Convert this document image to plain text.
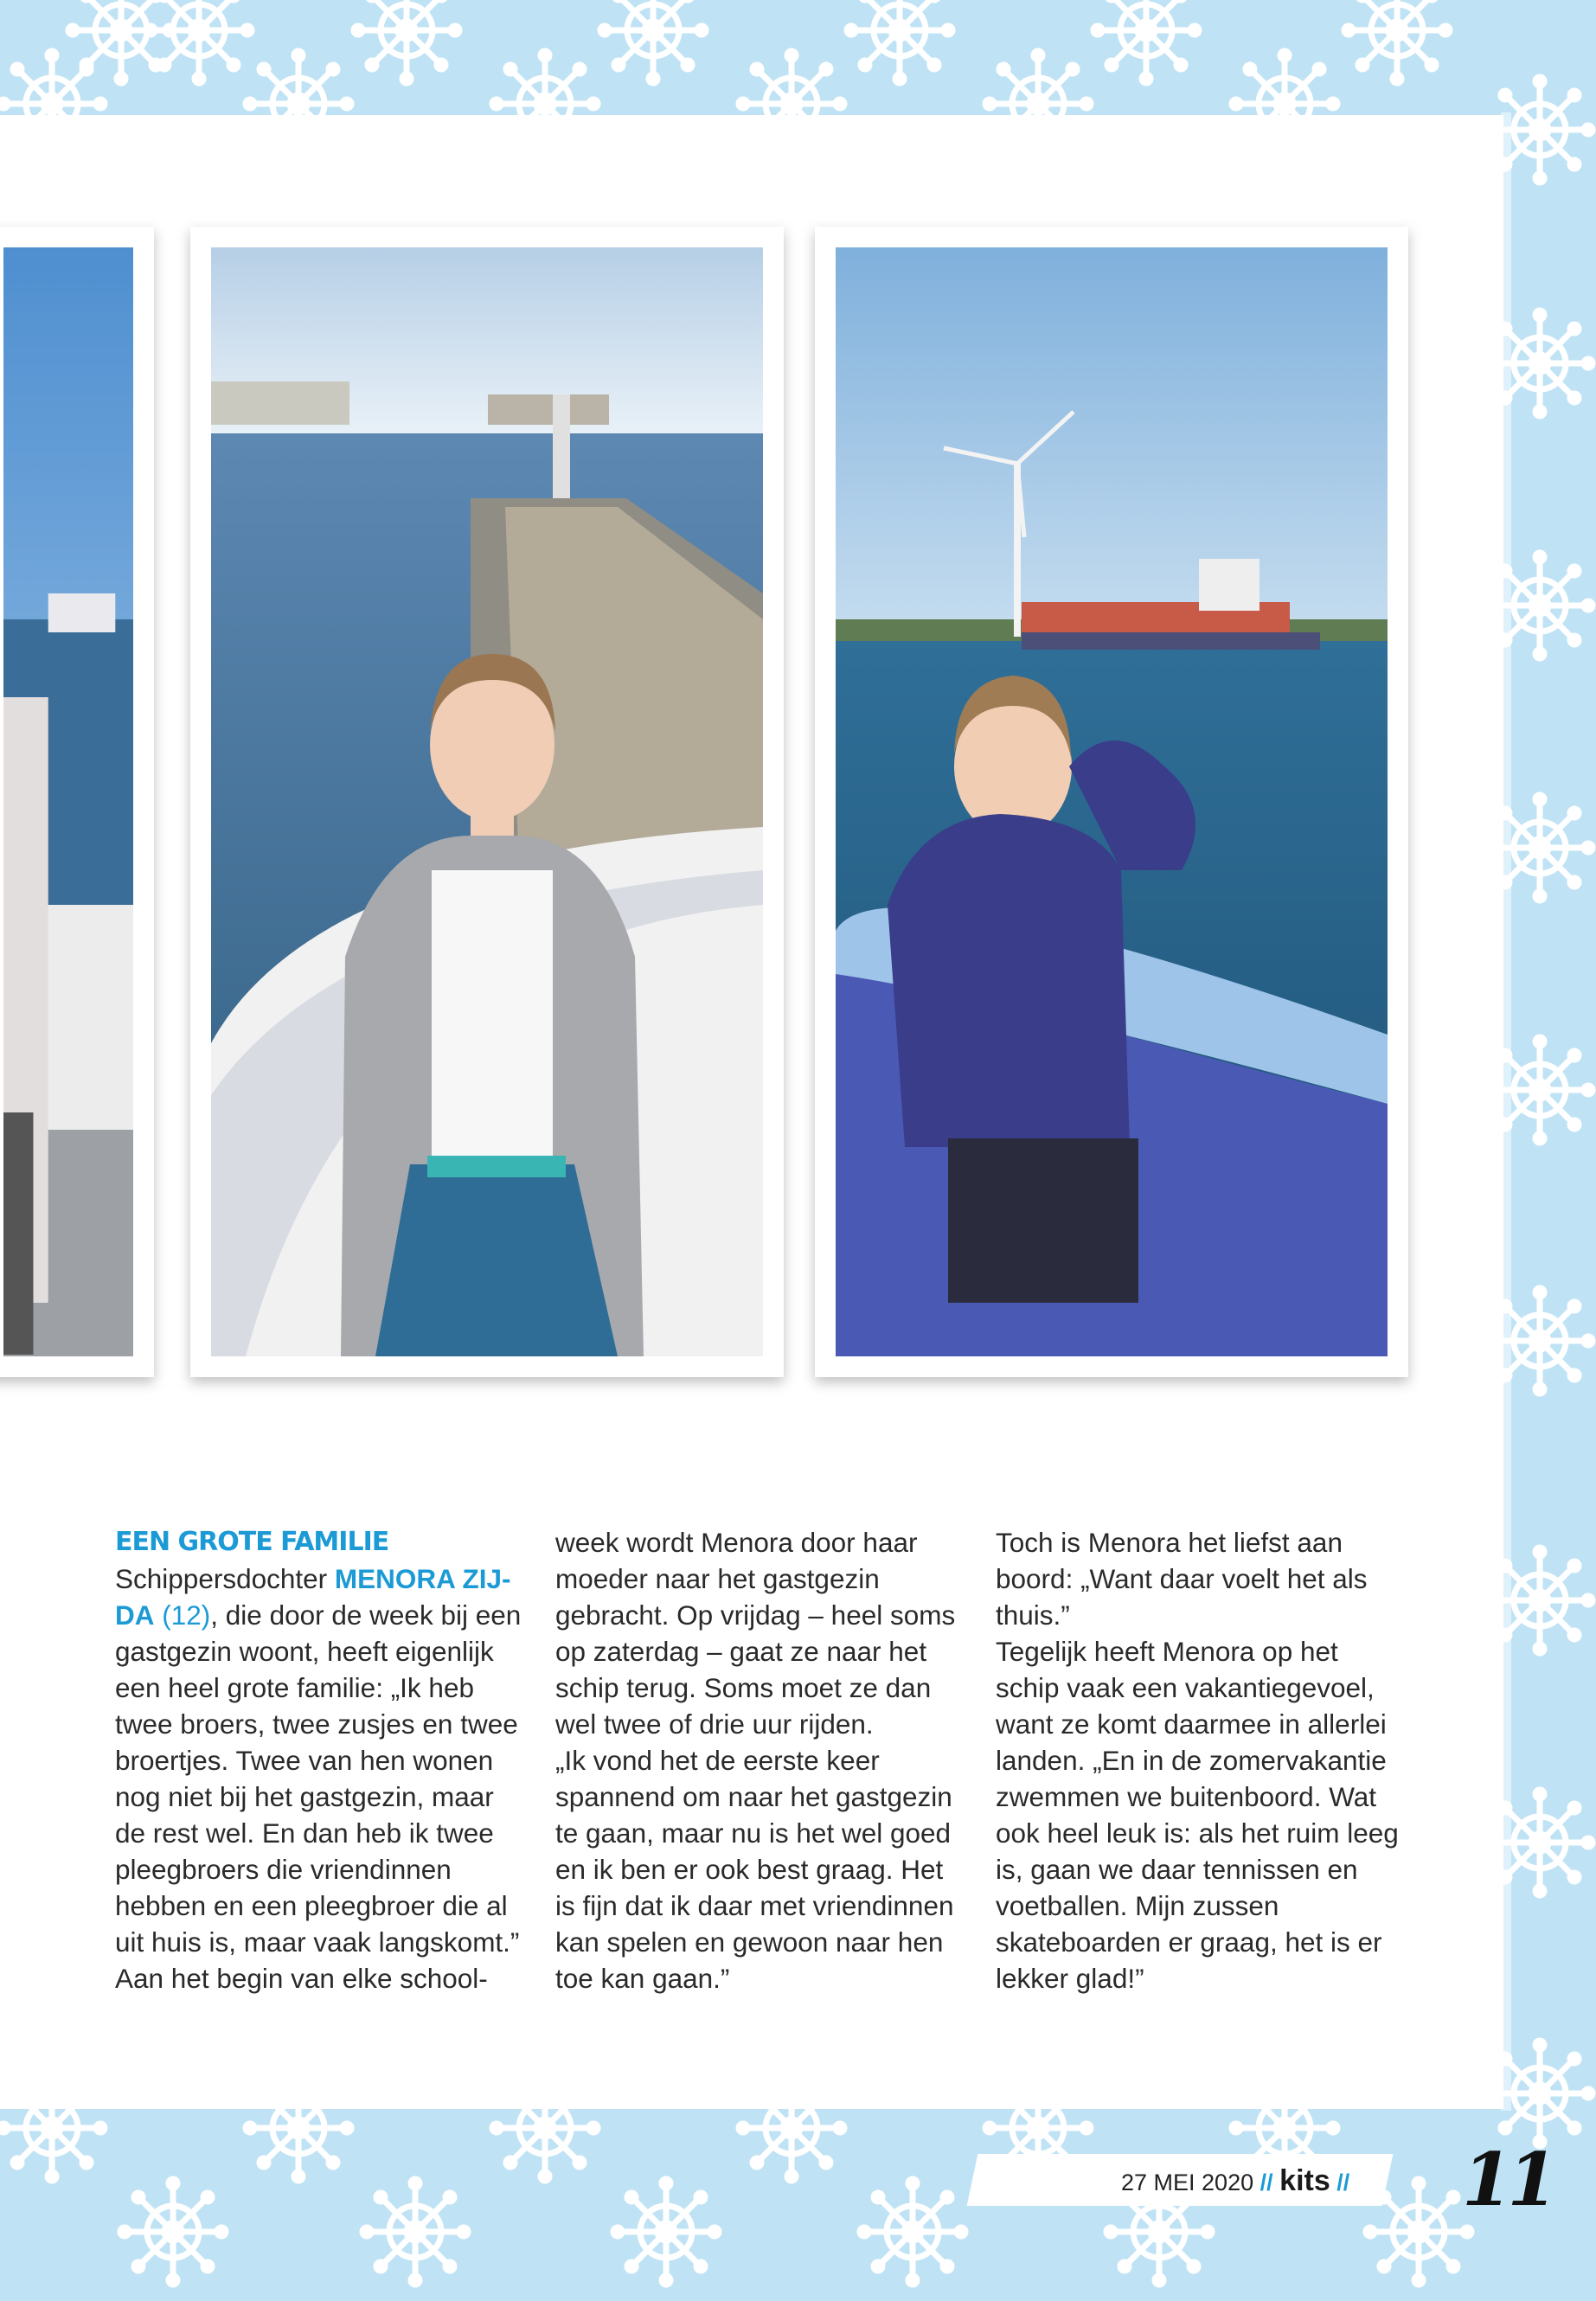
EEN GROTE FAMILIE

Schippersdochter MENORA ZIJ-DA (12), die door de week bij een gastgezin woont, heeft eigenlijk een heel grote familie: „Ik heb twee broers, twee zusjes en twee broertjes. Twee van hen wonen nog niet bij het gastgezin, maar de rest wel. En dan heb ik twee pleegbroers die vriendinnen hebben en een pleegbroer die al uit huis is, maar vaak langskomt.”

Aan het begin van elke school-

week wordt Menora door haar moeder naar het gastgezin gebracht. Op vrijdag – heel soms op zaterdag – gaat ze naar het schip terug. Soms moet ze dan wel twee of drie uur rijden.

„Ik vond het de eerste keer spannend om naar het gastgezin te gaan, maar nu is het wel goed en ik ben er ook best graag. Het is fijn dat ik daar met vriendinnen kan spelen en gewoon naar hen toe kan gaan.”

Toch is Menora het liefst aan boord: „Want daar voelt het als thuis.”

Tegelijk heeft Menora op het schip vaak een vakantiegevoel, want ze komt daarmee in allerlei landen. „En in de zomervakantie zwemmen we buitenboord. Wat ook heel leuk is: als het ruim leeg is, gaan we daar tennissen en voetballen. Mijn zussen skateboarden er graag, het is er lekker glad!”

27 MEI 2020 // kits // 11
